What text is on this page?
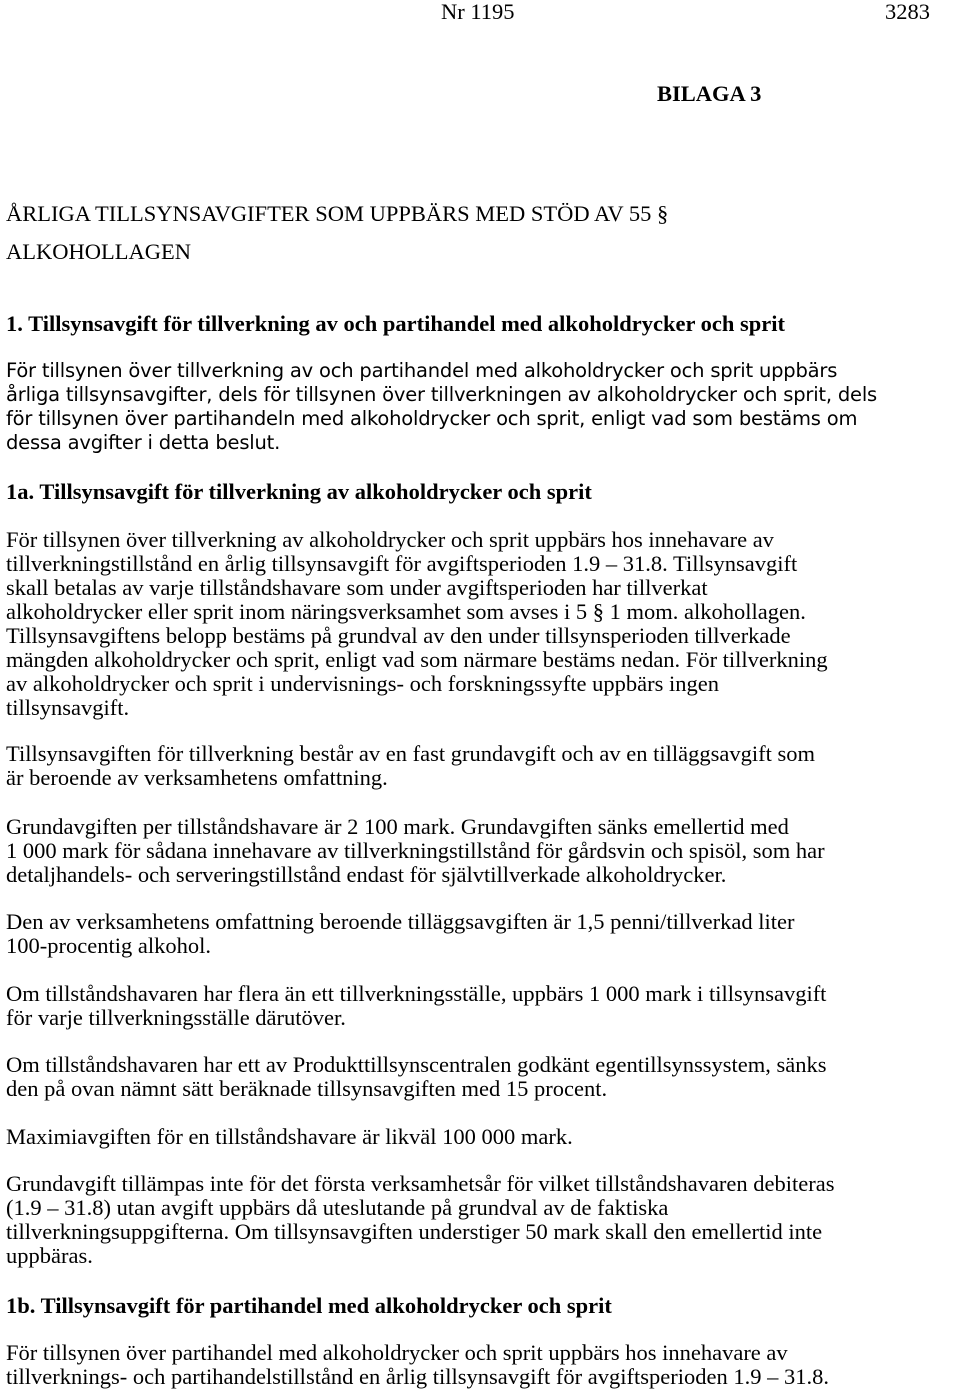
Nr 1195	3283
BILAGA 3
ÅRLIGA TILLSYNSAVGIFTER SOM UPPBÄRS MED STÖD AV 55 §
ALKOHOLLAGEN
1. Tillsynsavgift för tillverkning av och partihandel med alkoholdrycker och sprit
För tillsynen över tillverkning av och partihandel med alkoholdrycker och sprit uppbärs
årliga tillsynsavgifter, dels för tillsynen över tillverkningen av alkoholdrycker och sprit, dels
för tillsynen över partihandeln med alkoholdrycker och sprit, enligt vad som bestäms om
dessa avgifter i detta beslut.
1a. Tillsynsavgift för tillverkning av alkoholdrycker och sprit
För tillsynen över tillverkning av alkoholdrycker och sprit uppbärs hos innehavare av
tillverkningstillstånd en årlig tillsynsavgift för avgiftsperioden 1.9 – 31.8. Tillsynsavgift
skall betalas av varje tillståndshavare som under avgiftsperioden har tillverkat
alkoholdrycker eller sprit inom näringsverksamhet som avses i 5 § 1 mom. alkohollagen.
Tillsynsavgiftens belopp bestäms på grundval av den under tillsynsperioden tillverkade
mängden alkoholdrycker och sprit, enligt vad som närmare bestäms nedan. För tillverkning
av alkoholdrycker och sprit i undervisnings- och forskningssyfte uppbärs ingen
tillsynsavgift.
Tillsynsavgiften för tillverkning består av en fast grundavgift och av en tilläggsavgift som
är beroende av verksamhetens omfattning.
Grundavgiften per tillståndshavare är 2 100 mark. Grundavgiften sänks emellertid med
1 000 mark för sådana innehavare av tillverkningstillstånd för gårdsvin och spisöl, som har
detaljhandels- och serveringstillstånd endast för självtillverkade alkoholdrycker.
Den av verksamhetens omfattning beroende tilläggsavgiften är 1,5 penni/tillverkad liter
100-procentig alkohol.
Om tillståndshavaren har flera än ett tillverkningsställe, uppbärs 1 000 mark i tillsynsavgift
för varje tillverkningsställe därutöver.
Om tillståndshavaren har ett av Produkttillsynscentralen godkänt egentillsynssystem, sänks
den på ovan nämnt sätt beräknade tillsynsavgiften med 15 procent.
Maximiavgiften för en tillståndshavare är likväl 100 000 mark.
Grundavgift tillämpas inte för det första verksamhetsår för vilket tillståndshavaren debiteras
(1.9 – 31.8) utan avgift uppbärs då uteslutande på grundval av de faktiska
tillverkningsuppgifterna. Om tillsynsavgiften understiger 50 mark skall den emellertid inte
uppbäras.
1b. Tillsynsavgift för partihandel med alkoholdrycker och sprit
För tillsynen över partihandel med alkoholdrycker och sprit uppbärs hos innehavare av
tillverknings- och partihandelstillstånd en årlig tillsynsavgift för avgiftsperioden 1.9 – 31.8.
